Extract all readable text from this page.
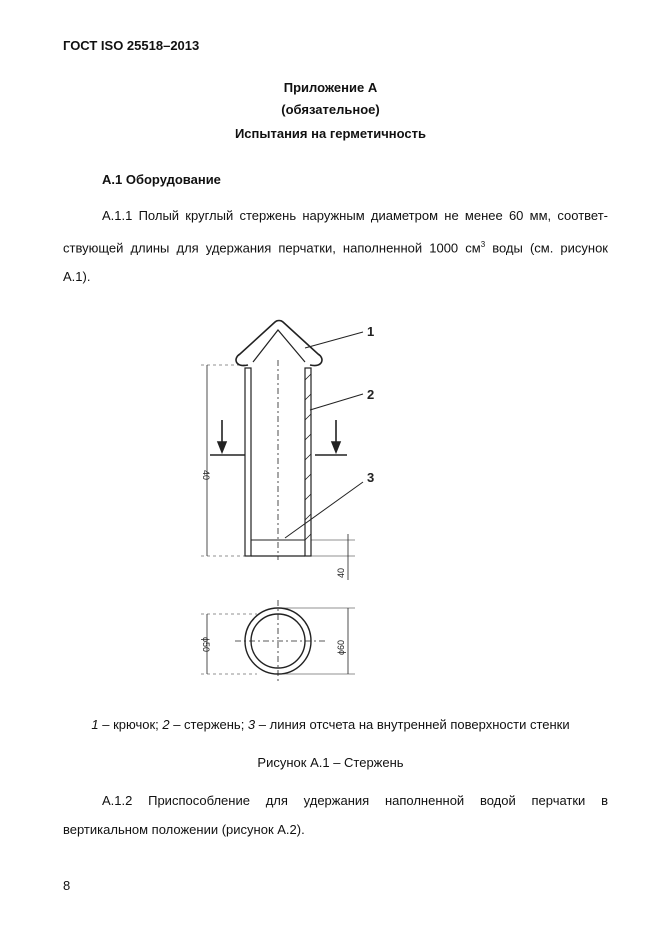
ГОСТ ISO 25518–2013
Приложение А
(обязательное)
Испытания на герметичность
А.1 Оборудование
А.1.1 Полый круглый стержень наружным диаметром не менее 60 мм, соответ-
ствующей длины для удержания перчатки, наполненной 1000 $см^3$ воды (см. рисунок
А.1).
1
2
3
40
40
ϕ50	ϕ60
1 – крючок; 2 – стержень; 3 – линия отсчета на внутренней поверхности стенки
Рисунок А.1 – Стержень
А.1.2 Приспособление для удержания наполненной водой перчатки в
вертикальном положении (рисунок А.2).
8
